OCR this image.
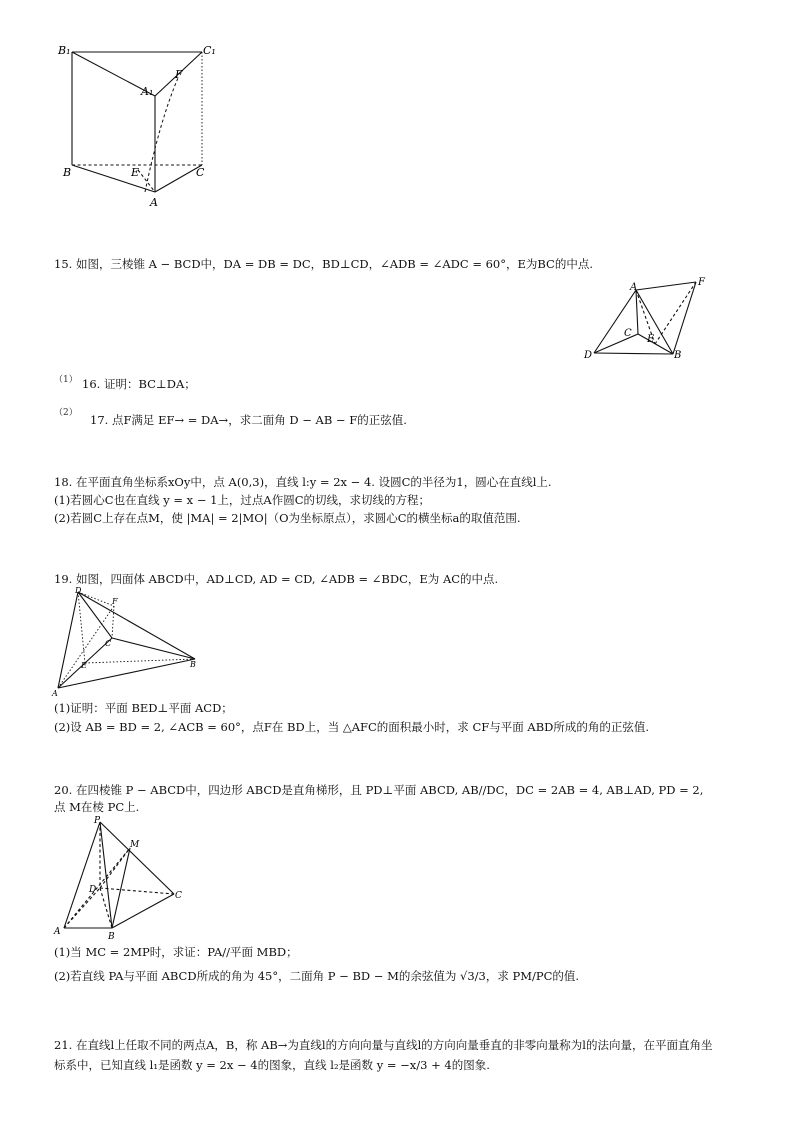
B₁	C₁
A₁
F
B	E	C
A
15. 如图，三棱锥 A − BCD中，DA = DB = DC，BD⊥CD，∠ADB = ∠ADC = 60°，E为BC的中点.
A	F
C
E
D	B
（1） 16. 证明：BC⊥DA；
（2） 17. 点F满足 EF→ = DA→，求二面角 D − AB − F的正弦值.
18. 在平面直角坐标系xOy中，点 A(0,3)，直线 l:y = 2x − 4. 设圆C的半径为1，圆心在直线l上.
(1)若圆心C也在直线 y = x − 1上，过点A作圆C的切线，求切线的方程；
(2)若圆C上存在点M，使 |MA| = 2|MO|（O为坐标原点），求圆心C的横坐标a的取值范围.
19. 如图，四面体 ABCD中，AD⊥CD, AD = CD, ∠ADB = ∠BDC，E为 AC的中点.
D
F
C
E	B
A
(1)证明：平面 BED⊥平面 ACD；
(2)设 AB = BD = 2, ∠ACB = 60°，点F在 BD上，当 △AFC的面积最小时，求 CF与平面 ABD所成的角的正弦值.
20. 在四棱锥 P − ABCD中，四边形 ABCD是直角梯形，且 PD⊥平面 ABCD, AB//DC，DC = 2AB = 4, AB⊥AD, PD = 2,
点 M在棱 PC上.
P
M
D
C
A	B
(1)当 MC = 2MP时，求证：PA//平面 MBD；
(2)若直线 PA与平面 ABCD所成的角为 45°，二面角 P − BD − M的余弦值为 √3/3，求 PM/PC的值.
21. 在直线l上任取不同的两点A，B，称 AB→为直线l的方向向量与直线l的方向向量垂直的非零向量称为l的法向量，在平面直角坐
标系中，已知直线 l₁是函数 y = 2x − 4的图象，直线 l₂是函数 y = −x/3 + 4的图象.
